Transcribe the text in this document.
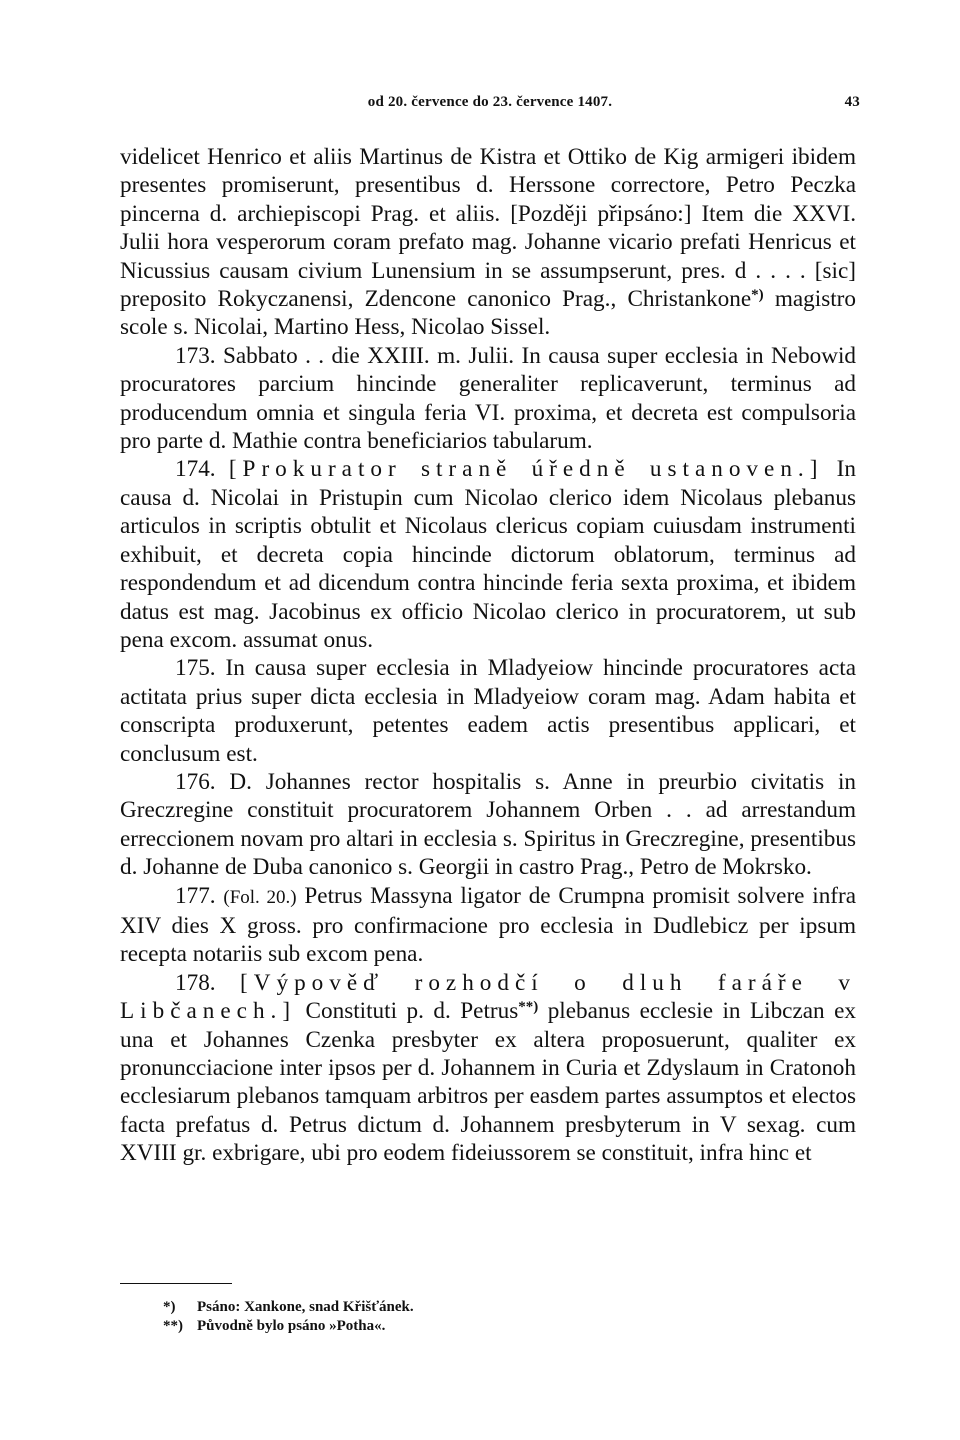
od 20. července do 23. července 1407.	43

videlicet Henrico et aliis Martinus de Kistra et Ottiko de Kig armigeri ibidem presentes promiserunt, presentibus d. Herssone correctore, Petro Peczka pincerna d. archiepiscopi Prag. et aliis. [Později připsáno:] Item die XXVI. Julii hora vesperorum coram prefato mag. Johanne vicario prefati Henricus et Nicussius causam civium Lunensium in se assumpserunt, pres. d . . . . [sic] preposito Rokyczanensi, Zdencone canonico Prag., Christankone*) magistro scole s. Nicolai, Martino Hess, Nicolao Sissel.

173. Sabbato . . die XXIII. m. Julii. In causa super ecclesia in Nebowid procuratores parcium hincinde generaliter replicaverunt, terminus ad producendum omnia et singula feria VI. proxima, et decreta est compulsoria pro parte d. Mathie contra beneficiarios tabularum.

174. [Prokurator straně úředně ustanoven.] In causa d. Nicolai in Pristupin cum Nicolao clerico idem Nicolaus plebanus articulos in scriptis obtulit et Nicolaus clericus copiam cuiusdam instrumenti exhibuit, et decreta copia hincinde dictorum oblatorum, terminus ad respondendum et ad dicendum contra hincinde feria sexta proxima, et ibidem datus est mag. Jacobinus ex officio Nicolao clerico in procuratorem, ut sub pena excom. assumat onus.

175. In causa super ecclesia in Mladyeiow hincinde procuratores acta actitata prius super dicta ecclesia in Mladyeiow coram mag. Adam habita et conscripta produxerunt, petentes eadem actis presentibus applicari, et conclusum est.

176. D. Johannes rector hospitalis s. Anne in preurbio civitatis in Greczregine constituit procuratorem Johannem Orben . . ad arrestandum erreccionem novam pro altari in ecclesia s. Spiritus in Greczregine, presentibus d. Johanne de Duba canonico s. Georgii in castro Prag., Petro de Mokrsko.

177. (Fol. 20.) Petrus Massyna ligator de Crumpna promisit solvere infra XIV dies X gross. pro confirmacione pro ecclesia in Dudlebicz per ipsum recepta notariis sub excom pena.

178. [Výpověď rozhodčí o dluh faráře v Libčanech.] Constituti p. d. Petrus**) plebanus ecclesie in Libczan ex una et Johannes Czenka presbyter ex altera proposuerunt, qualiter ex pronuncciacione inter ipsos per d. Johannem in Curia et Zdyslaum in Cratonoh ecclesiarum plebanos tamquam arbitros per easdem partes assumptos et electos facta prefatus d. Petrus dictum d. Johannem presbyterum in V sexag. cum XVIII gr. exbrigare, ubi pro eodem fideiussorem se constituit, infra hinc et

*) Psáno: Xankone, snad Křišťánek.
**) Původně bylo psáno »Potha«.
